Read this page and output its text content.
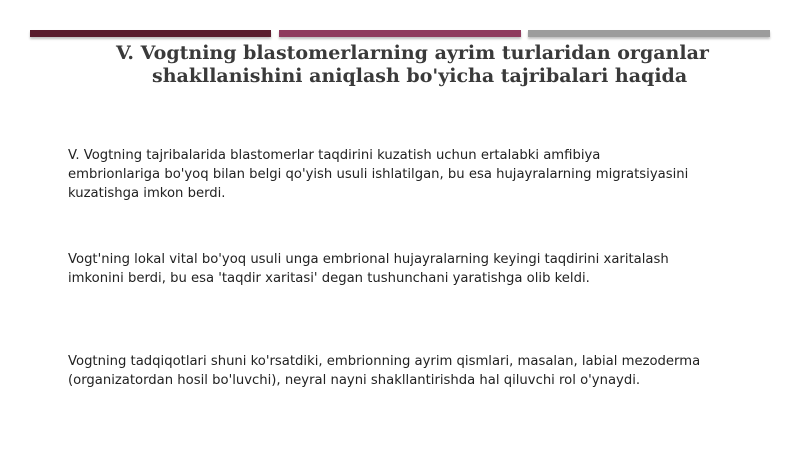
V. Vogtning blastomerlarning ayrim turlaridan organlar
shakllanishini aniqlash bo'yicha tajribalari haqida

V. Vogtning tajribalarida blastomerlar taqdirini kuzatish uchun ertalabki amfibiya
embrionlariga bo'yoq bilan belgi qo'yish usuli ishlatilgan, bu esa hujayralarning migratsiyasini
kuzatishga imkon berdi.

Vogt'ning lokal vital bo'yoq usuli unga embrional hujayralarning keyingi taqdirini xaritalash
imkonini berdi, bu esa 'taqdir xaritasi' degan tushunchani yaratishga olib keldi.

Vogtning tadqiqotlari shuni ko'rsatdiki, embrionning ayrim qismlari, masalan, labial mezoderma
(organizatordan hosil bo'luvchi), neyral nayni shakllantirishda hal qiluvchi rol o'ynaydi.
